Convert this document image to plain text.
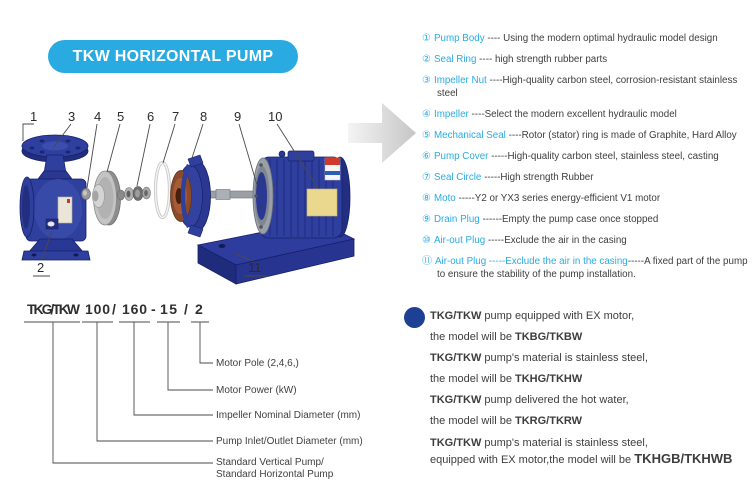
TKW HORIZONTAL PUMP
1 3 4 5 6 7 8 9 10
2	11
① Pump Body ---- Using the modern optimal hydraulic model design
② Seal Ring ---- high strength rubber parts
③ Impeller Nut ----High-quality carbon steel, corrosion-resistant stainless steel
④ Impeller ----Select the modern excellent hydraulic model
⑤ Mechanical Seal ----Rotor (stator) ring is made of Graphite, Hard Alloy
⑥ Pump Cover -----High-quality carbon steel, stainless steel, casting
⑦ Seal Circle -----High strength Rubber
⑧ Moto -----Y2 or YX3 series energy-efficient V1 motor
⑨ Drain Plug ------Empty the pump case once stopped
⑩ Air-out Plug -----Exclude the air in the casing
⑪ Air-out Plug -----Exclude the air in the casing-----A fixed part of the pump to ensure the stability of the pump installation.
TKG/TKW 100 / 160 - 15 / 2
Motor Pole (2,4,6,)
Motor Power (kW)
Impeller Nominal Diameter (mm)
Pump Inlet/Outlet Diameter (mm)
Standard Vertical Pump/
Standard Horizontal Pump
TKG/TKW pump equipped with EX motor,
the model will be TKBG/TKBW
TKG/TKW pump's material is stainless steel,
the model will be TKHG/TKHW
TKG/TKW pump delivered the hot water,
the model will be TKRG/TKRW
TKG/TKW pump's material is stainless steel,
equipped with EX motor,the model will be TKHGB/TKHWB
